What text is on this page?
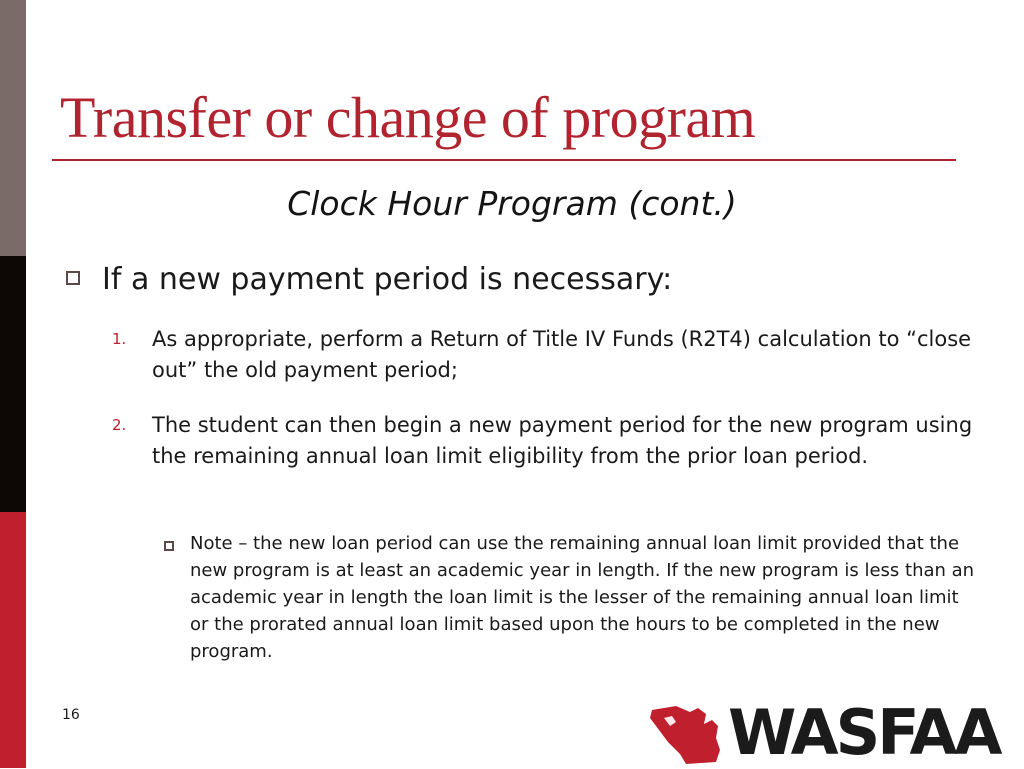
Transfer or change of program
Clock Hour Program (cont.)
If a new payment period is necessary:
1.	As appropriate, perform a Return of Title IV Funds (R2T4) calculation to “close out” the old payment period;
2.	The student can then begin a new payment period for the new program using the remaining annual loan limit eligibility from the prior loan period.
Note – the new loan period can use the remaining annual loan limit provided that the new program is at least an academic year in length. If the new program is less than an academic year in length the loan limit is the lesser of the remaining annual loan limit or the prorated annual loan limit based upon the hours to be completed in the new program.
16	WASFAA
